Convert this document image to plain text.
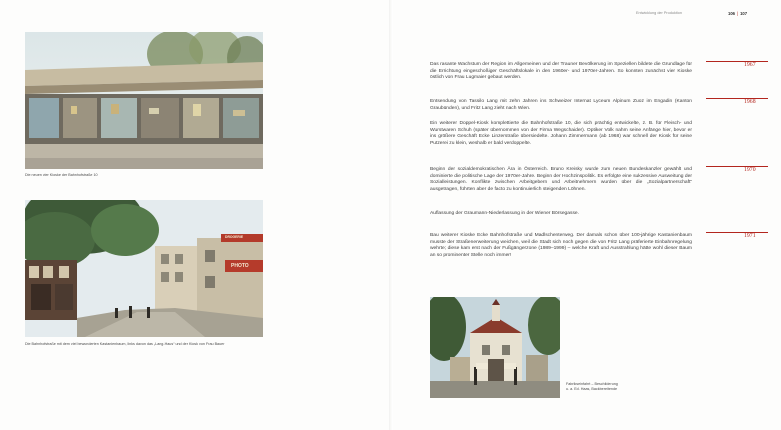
Die neuen vier Kioske der Bahnhofstraße 10
PHOTO
DROGERIE
Die Bahnhofstraße mit dem viel bewunderten Kastanienbaum, links davon das „Lang-Haus“ und der Kiosk von Frau Bauer
Entwicklung der Produktion	106 | 107
1967
1968
1970
1971
Das rasante Wachstum der Region im Allgemeinen und der Trauner Bevölkerung im Speziellen bildete die Grundlage für die Errichtung eingeschoßiger Geschäftslokale in den 1960er- und 1970er-Jahren. So konnten zunächst vier Kioske östlich von Frau Lugmaier gebaut werden.
Entsendung von Tassilo Lang mit zehn Jahren ins Schweizer Internat Lyceum Alpinum Zuoz im Engadin (Kanton Graubünden), und Fritz Lang zieht nach Wien.
Ein weiterer Doppel-Kiosk komplettierte die Bahnhofstraße 10, die sich prächtig entwickelte, z. B. für Fleisch- und Wurstwaren Schuh (später übernommen von der Firma Wegschaider). Optiker Volk nahm seine Anfänge hier, bevor er ins größere Geschäft Ecke Linzerstraße übersiedelte. Johann Zimmermann (ab 1968) war schnell der Kiosk für seine Putzerei zu klein, weshalb er bald verdoppelte.
Beginn der sozialdemokratischen Ära in Österreich. Bruno Kreisky wurde zum neuen Bundeskanzler gewählt und dominierte die politische Lage der 1970er-Jahre. Beginn der Hochzinspolitik. Es erfolgte eine sukzessive Ausweitung der Sozialleistungen. Konflikte zwischen Arbeitgebern und Arbeitnehmern wurden über die „Sozialpartnerschaft“ ausgetragen, führten aber de facto zu kontinuierlich steigenden Löhnen.
Auflassung der Graumann-Niederlassung in der Wiener Börsegasse.
Bau weiterer Kioske Ecke Bahnhofstraße und Madlschenterweg. Der damals schon über 100-jährige Kastanienbaum musste der Straßenerweiterung weichen, weil die Stadt sich noch gegen die von Fritz Lang präferierte Einbahnregelung wehrte; diese kam erst nach der Fußgängerzone (1989–1999) – welche Kraft und Ausstrahlung hätte wohl dieser Baum an so prominenter Stelle noch immer!
Fabrikseinfahrt – Beschilderung
u. a. Ed. Haas, Backbereitende
